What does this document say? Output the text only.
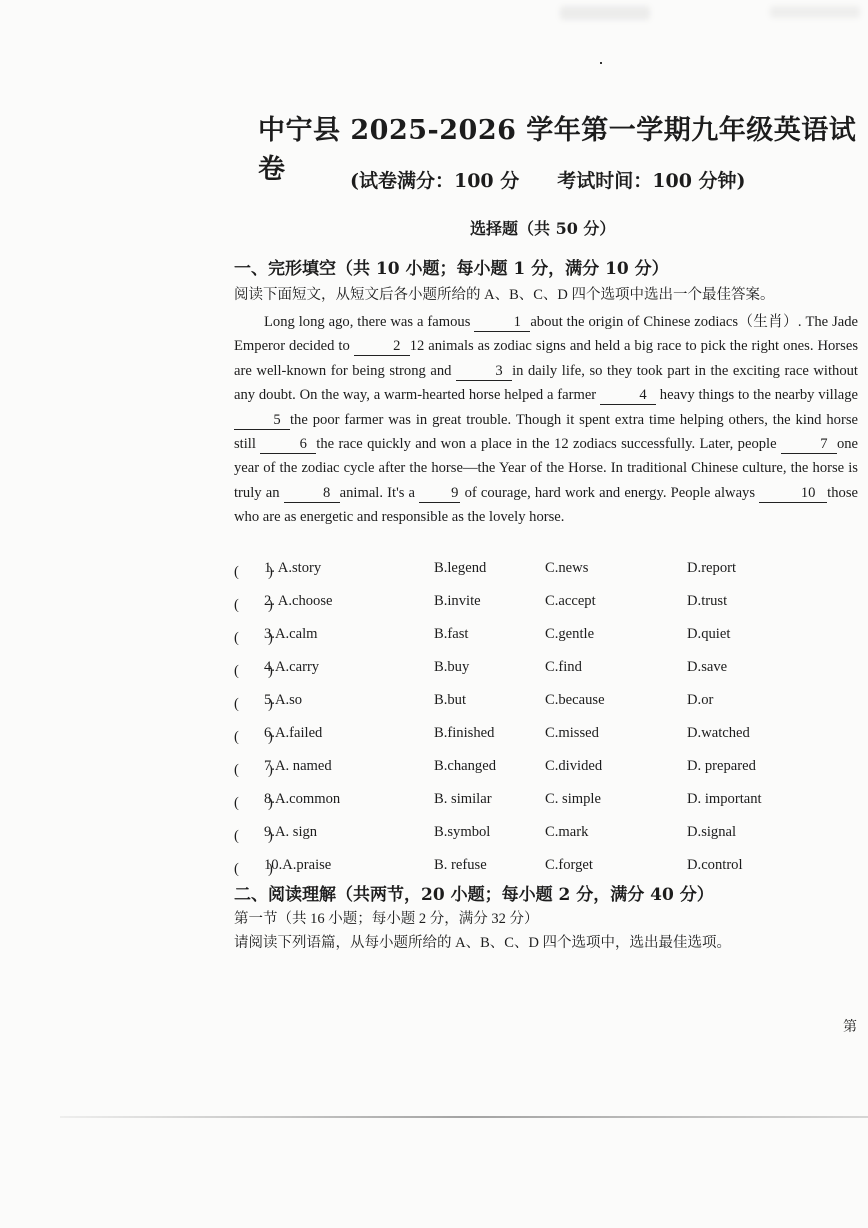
中宁县 2025-2026 学年第一学期九年级英语试卷	(试卷满分：100 分　　考试时间：100 分钟)
选择题（共 50 分）
一、完形填空（共 10 小题；每小题 1 分，满分 10 分）
阅读下面短文，从短文后各小题所给的 A、B、C、D 四个选项中选出一个最佳答案。

Long long ago, there was a famous	1 about the origin of Chinese zodiacs（生肖）. The Jade Emperor decided to	2 12 animals as zodiac signs and held a big race to pick the right ones. Horses are well-known for being strong and	3 in daily life, so they took part in the exciting race without any doubt. On the way, a warm-hearted horse helped a farmer	4 heavy things to the nearby village 5 the poor farmer was in great trouble. Though it spent extra time helping others, the kind horse still	6 the race quickly and won a place in the 12 zodiacs successfully. Later, people	7 one year of the zodiac cycle after the horse—the Year of the Horse. In traditional Chinese culture, the horse is truly an	8 animal. It's a 9 of courage, hard work and energy. People always	10 those who are as energetic and responsible as the lovely horse.

(　　)
1. A.story	B.legend	C.news	D.report
(　　)
2. A.choose	B.invite	C.accept	D.trust
(　　)
3.A.calm	B.fast	C.gentle	D.quiet
(　　)
4.A.carry	B.buy	C.find	D.save
(　　)
5.A.so	B.but	C.because	D.or
(　　)
6.A.failed	B.finished	C.missed	D.watched
(　　)
7.A. named	B.changed	C.divided	D. prepared
(　　)
8.A.common	B. similar	C. simple	D. important
(　　)
9.A. sign	B.symbol	C.mark	D.signal
(　　)
10.A.praise	B. refuse	C.forget	D.control
二、阅读理解（共两节，20 小题；每小题 2 分，满分 40 分）
第一节（共 16 小题；每小题 2 分，满分 32 分）
请阅读下列语篇，从每小题所给的 A、B、C、D 四个选项中，选出最佳选项。
第
